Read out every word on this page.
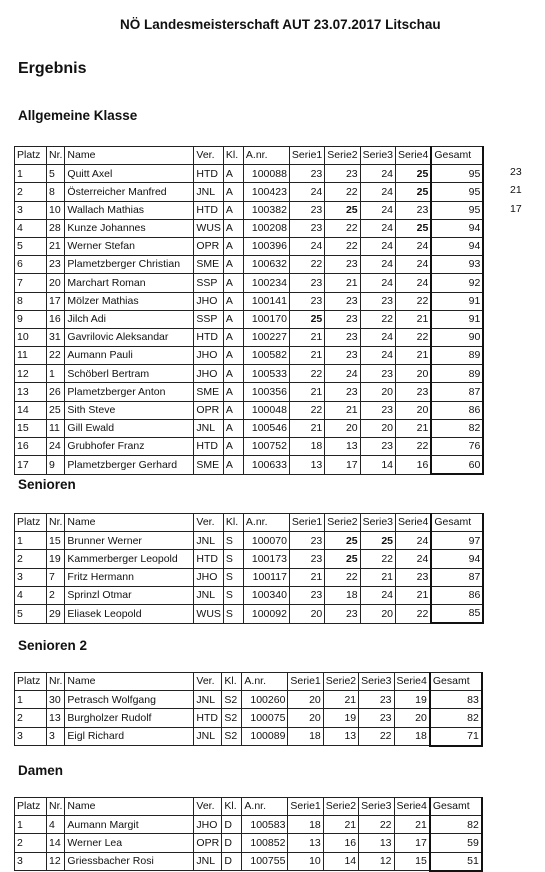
NÖ Landesmeisterschaft AUT 23.07.2017 Litschau
Ergebnis
Allgemeine Klasse
Platz	Nr.	Name	Ver.	Kl.	A.nr.	Serie1	Serie2	Serie3	Serie4	Gesamt
1	5	Quitt Axel	HTD	A	100088	23	23	24	25	95
2	8	Österreicher Manfred	JNL	A	100423	24	22	24	25	95
3	10	Wallach Mathias	HTD	A	100382	23	25	24	23	95
4	28	Kunze Johannes	WUS	A	100208	23	22	24	25	94
5	21	Werner Stefan	OPR	A	100396	24	22	24	24	94
6	23	Plametzberger Christian	SME	A	100632	22	23	24	24	93
7	20	Marchart Roman	SSP	A	100234	23	21	24	24	92
8	17	Mölzer Mathias	JHO	A	100141	23	23	23	22	91
9	16	Jilch Adi	SSP	A	100170	25	23	22	21	91
10	31	Gavrilovic Aleksandar	HTD	A	100227	21	23	24	22	90
11	22	Aumann Pauli	JHO	A	100582	21	23	24	21	89
12	1	Schöberl Bertram	JHO	A	100533	22	24	23	20	89
13	26	Plametzberger Anton	SME	A	100356	21	23	20	23	87
14	25	Sith Steve	OPR	A	100048	22	21	23	20	86
15	11	Gill Ewald	JNL	A	100546	21	20	20	21	82
16	24	Grubhofer Franz	HTD	A	100752	18	13	23	22	76
17	9	Plametzberger Gerhard	SME	A	100633	13	17	14	16	60
Senioren
Platz	Nr.	Name	Ver.	Kl.	A.nr.	Serie1	Serie2	Serie3	Serie4	Gesamt
1	15	Brunner Werner	JNL	S	100070	23	25	25	24	97
2	19	Kammerberger Leopold	HTD	S	100173	23	25	22	24	94
3	7	Fritz Hermann	JHO	S	100117	21	22	21	23	87
4	2	Sprinzl Otmar	JNL	S	100340	23	18	24	21	86
5	29	Eliasek Leopold	WUS	S	100092	20	23	20	22	85
Senioren 2
Platz	Nr.	Name	Ver.	Kl.	A.nr.	Serie1	Serie2	Serie3	Serie4	Gesamt
1	30	Petrasch Wolfgang	JNL	S2	100260	20	21	23	19	83
2	13	Burgholzer Rudolf	HTD	S2	100075	20	19	23	20	82
3	3	Eigl Richard	JNL	S2	100089	18	13	22	18	71
Damen
Platz	Nr.	Name	Ver.	Kl.	A.nr.	Serie1	Serie2	Serie3	Serie4	Gesamt
1	4	Aumann Margit	JHO	D	100583	18	21	22	21	82
2	14	Werner Lea	OPR	D	100852	13	16	13	17	59
3	12	Griessbacher Rosi	JNL	D	100755	10	14	12	15	51
23
21
17
